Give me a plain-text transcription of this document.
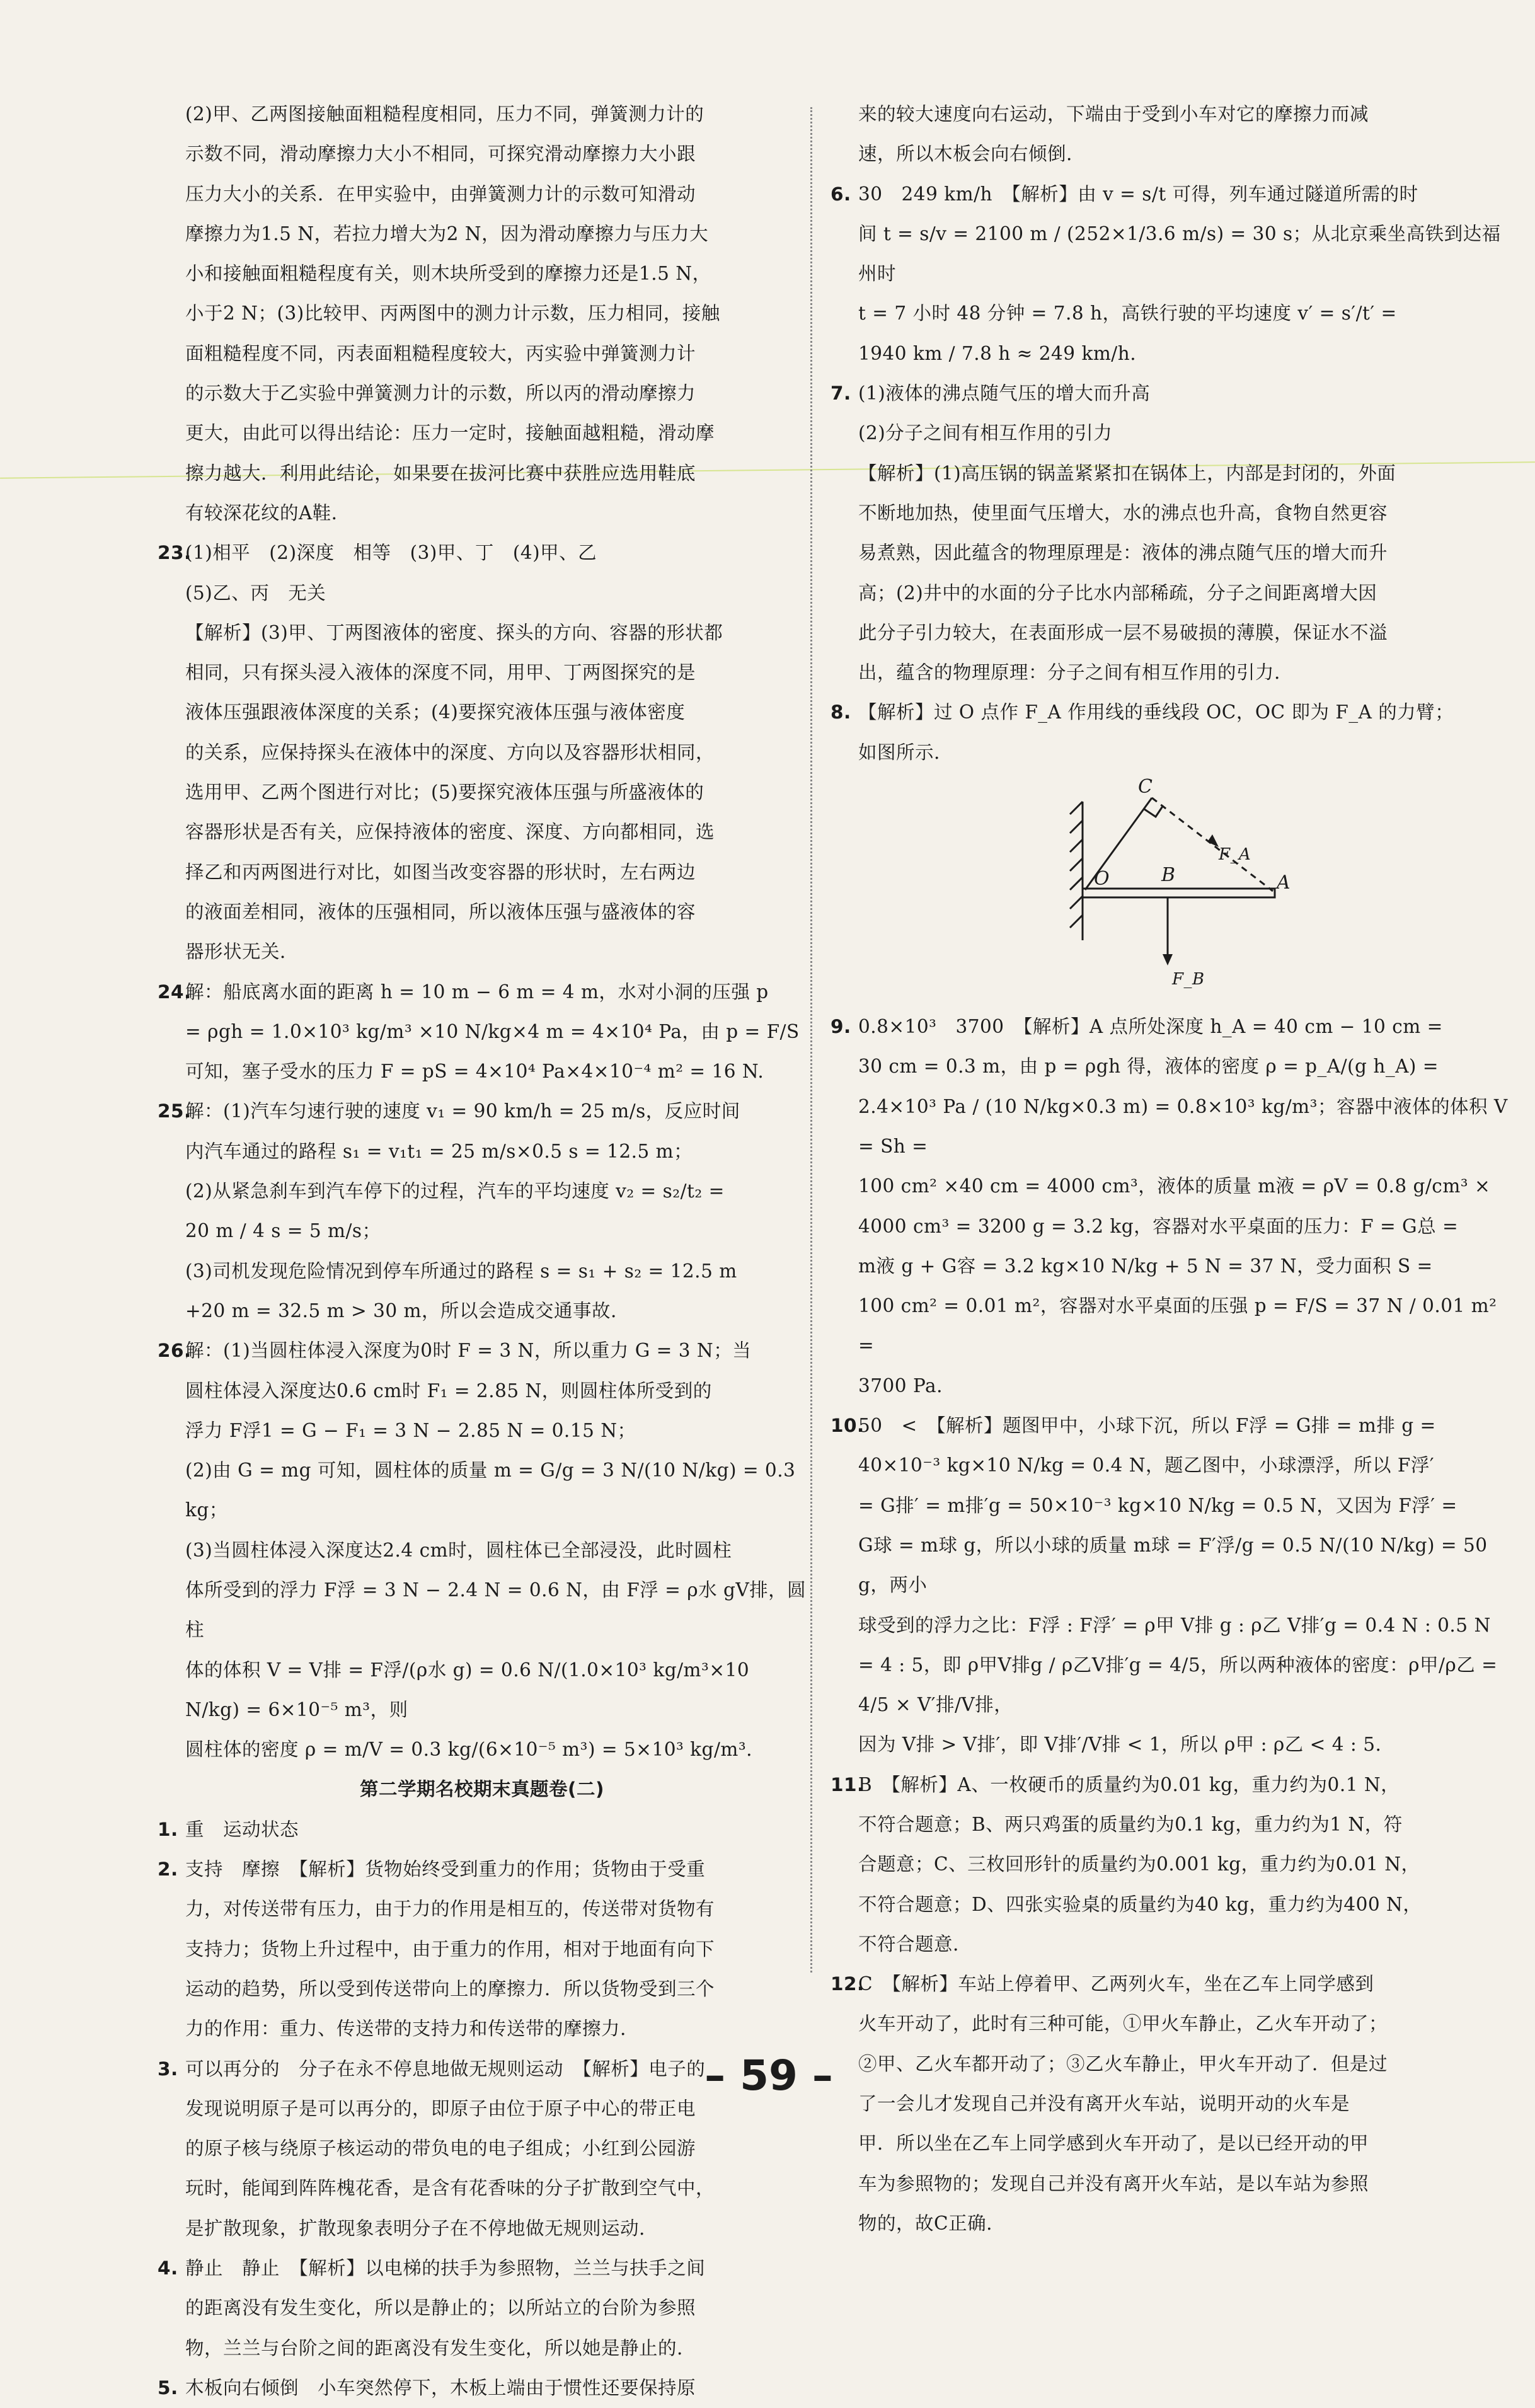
(2)甲、乙两图接触面粗糙程度相同，压力不同，弹簧测力计的
示数不同，滑动摩擦力大小不相同，可探究滑动摩擦力大小跟
压力大小的关系．在甲实验中，由弹簧测力计的示数可知滑动
摩擦力为1.5 N，若拉力增大为2 N，因为滑动摩擦力与压力大
小和接触面粗糙程度有关，则木块所受到的摩擦力还是1.5 N，
小于2 N；(3)比较甲、丙两图中的测力计示数，压力相同，接触
面粗糙程度不同，丙表面粗糙程度较大，丙实验中弹簧测力计
的示数大于乙实验中弹簧测力计的示数，所以丙的滑动摩擦力
更大，由此可以得出结论：压力一定时，接触面越粗糙，滑动摩
擦力越大．利用此结论，如果要在拔河比赛中获胜应选用鞋底
有较深花纹的A鞋．
23.
(1)相平　(2)深度　相等　(3)甲、丁　(4)甲、乙
(5)乙、丙　无关
【解析】(3)甲、丁两图液体的密度、探头的方向、容器的形状都
相同，只有探头浸入液体的深度不同，用甲、丁两图探究的是
液体压强跟液体深度的关系；(4)要探究液体压强与液体密度
的关系，应保持探头在液体中的深度、方向以及容器形状相同，
选用甲、乙两个图进行对比；(5)要探究液体压强与所盛液体的
容器形状是否有关，应保持液体的密度、深度、方向都相同，选
择乙和丙两图进行对比，如图当改变容器的形状时，左右两边
的液面差相同，液体的压强相同，所以液体压强与盛液体的容
器形状无关．
24.
解：船底离水面的距离 h = 10 m − 6 m = 4 m，水对小洞的压强 p
= ρgh = 1.0×10³ kg/m³ ×10 N/kg×4 m = 4×10⁴ Pa，由 p = F/S
可知，塞子受水的压力 F = pS = 4×10⁴ Pa×4×10⁻⁴ m² = 16 N.
25.
解：(1)汽车匀速行驶的速度 v₁ = 90 km/h = 25 m/s，反应时间
内汽车通过的路程 s₁ = v₁t₁ = 25 m/s×0.5 s = 12.5 m；
(2)从紧急刹车到汽车停下的过程，汽车的平均速度 v₂ = s₂/t₂ =
20 m / 4 s = 5 m/s；
(3)司机发现危险情况到停车所通过的路程 s = s₁ + s₂ = 12.5 m
+20 m = 32.5 m > 30 m，所以会造成交通事故.
26.
解：(1)当圆柱体浸入深度为0时 F = 3 N，所以重力 G = 3 N；当
圆柱体浸入深度达0.6 cm时 F₁ = 2.85 N，则圆柱体所受到的
浮力 F浮1 = G − F₁ = 3 N − 2.85 N = 0.15 N；
(2)由 G = mg 可知，圆柱体的质量 m = G/g = 3 N/(10 N/kg) = 0.3 kg；
(3)当圆柱体浸入深度达2.4 cm时，圆柱体已全部浸没，此时圆柱
体所受到的浮力 F浮 = 3 N − 2.4 N = 0.6 N，由 F浮 = ρ水 gV排，圆柱
体的体积 V = V排 = F浮/(ρ水 g) = 0.6 N/(1.0×10³ kg/m³×10 N/kg) = 6×10⁻⁵ m³，则
圆柱体的密度 ρ = m/V = 0.3 kg/(6×10⁻⁵ m³) = 5×10³ kg/m³.
第二学期名校期末真题卷(二)
1. 重　运动状态
2. 支持　摩擦　【解析】货物始终受到重力的作用；货物由于受重
力，对传送带有压力，由于力的作用是相互的，传送带对货物有
支持力；货物上升过程中，由于重力的作用，相对于地面有向下
运动的趋势，所以受到传送带向上的摩擦力．所以货物受到三个
力的作用：重力、传送带的支持力和传送带的摩擦力.
3. 可以再分的　分子在永不停息地做无规则运动　【解析】电子的
发现说明原子是可以再分的，即原子由位于原子中心的带正电
的原子核与绕原子核运动的带负电的电子组成；小红到公园游
玩时，能闻到阵阵槐花香，是含有花香味的分子扩散到空气中，
是扩散现象，扩散现象表明分子在不停地做无规则运动.
4. 静止　静止　【解析】以电梯的扶手为参照物，兰兰与扶手之间
的距离没有发生变化，所以是静止的；以所站立的台阶为参照
物，兰兰与台阶之间的距离没有发生变化，所以她是静止的.
5. 木板向右倾倒　小车突然停下，木板上端由于惯性还要保持原
来的较大速度向右运动，下端由于受到小车对它的摩擦力而减
速，所以木板会向右倾倒.
6. 30　249 km/h　【解析】由 v = s/t 可得，列车通过隧道所需的时
间 t = s/v = 2100 m / (252×1/3.6 m/s) = 30 s；从北京乘坐高铁到达福州时
t = 7 小时 48 分钟 = 7.8 h，高铁行驶的平均速度 v′ = s′/t′ =
1940 km / 7.8 h ≈ 249 km/h.
7. (1)液体的沸点随气压的增大而升高
(2)分子之间有相互作用的引力
【解析】(1)高压锅的锅盖紧紧扣在锅体上，内部是封闭的，外面
不断地加热，使里面气压增大，水的沸点也升高，食物自然更容
易煮熟，因此蕴含的物理原理是：液体的沸点随气压的增大而升
高；(2)井中的水面的分子比水内部稀疏，分子之间距离增大因
此分子引力较大，在表面形成一层不易破损的薄膜，保证水不溢
出，蕴含的物理原理：分子之间有相互作用的引力.
8. 【解析】过 O 点作 F_A 作用线的垂线段 OC，OC 即为 F_A 的力臂；
如图所示.
C
O	B	A
F_A
F_B
9. 0.8×10³　3700　【解析】A 点所处深度 h_A = 40 cm − 10 cm =
30 cm = 0.3 m，由 p = ρgh 得，液体的密度 ρ = p_A/(g h_A) =
2.4×10³ Pa / (10 N/kg×0.3 m) = 0.8×10³ kg/m³；容器中液体的体积 V = Sh =
100 cm² ×40 cm = 4000 cm³，液体的质量 m液 = ρV = 0.8 g/cm³ ×
4000 cm³ = 3200 g = 3.2 kg，容器对水平桌面的压力：F = G总 =
m液 g + G容 = 3.2 kg×10 N/kg + 5 N = 37 N，受力面积 S =
100 cm² = 0.01 m²，容器对水平桌面的压强 p = F/S = 37 N / 0.01 m² =
3700 Pa.
10.
50　<　【解析】题图甲中，小球下沉，所以 F浮 = G排 = m排 g =
40×10⁻³ kg×10 N/kg = 0.4 N，题乙图中，小球漂浮，所以 F浮′
= G排′ = m排′g = 50×10⁻³ kg×10 N/kg = 0.5 N，又因为 F浮′ =
G球 = m球 g，所以小球的质量 m球 = F′浮/g = 0.5 N/(10 N/kg) = 50 g，两小
球受到的浮力之比：F浮 : F浮′ = ρ甲 V排 g : ρ乙 V排′g = 0.4 N : 0.5 N
= 4 : 5，即 ρ甲V排g / ρ乙V排′g = 4/5，所以两种液体的密度：ρ甲/ρ乙 = 4/5 × V′排/V排，
因为 V排 > V排′，即 V排′/V排 < 1，所以 ρ甲 : ρ乙 < 4 : 5.
11.
B　【解析】A、一枚硬币的质量约为0.01 kg，重力约为0.1 N，
不符合题意；B、两只鸡蛋的质量约为0.1 kg，重力约为1 N，符
合题意；C、三枚回形针的质量约为0.001 kg，重力约为0.01 N，
不符合题意；D、四张实验桌的质量约为40 kg，重力约为400 N，
不符合题意.
12.
C　【解析】车站上停着甲、乙两列火车，坐在乙车上同学感到
火车开动了，此时有三种可能，①甲火车静止，乙火车开动了；
②甲、乙火车都开动了；③乙火车静止，甲火车开动了．但是过
了一会儿才发现自己并没有离开火车站，说明开动的火车是
甲．所以坐在乙车上同学感到火车开动了，是以已经开动的甲
车为参照物的；发现自己并没有离开火车站，是以车站为参照
物的，故C正确.
– 59 –
